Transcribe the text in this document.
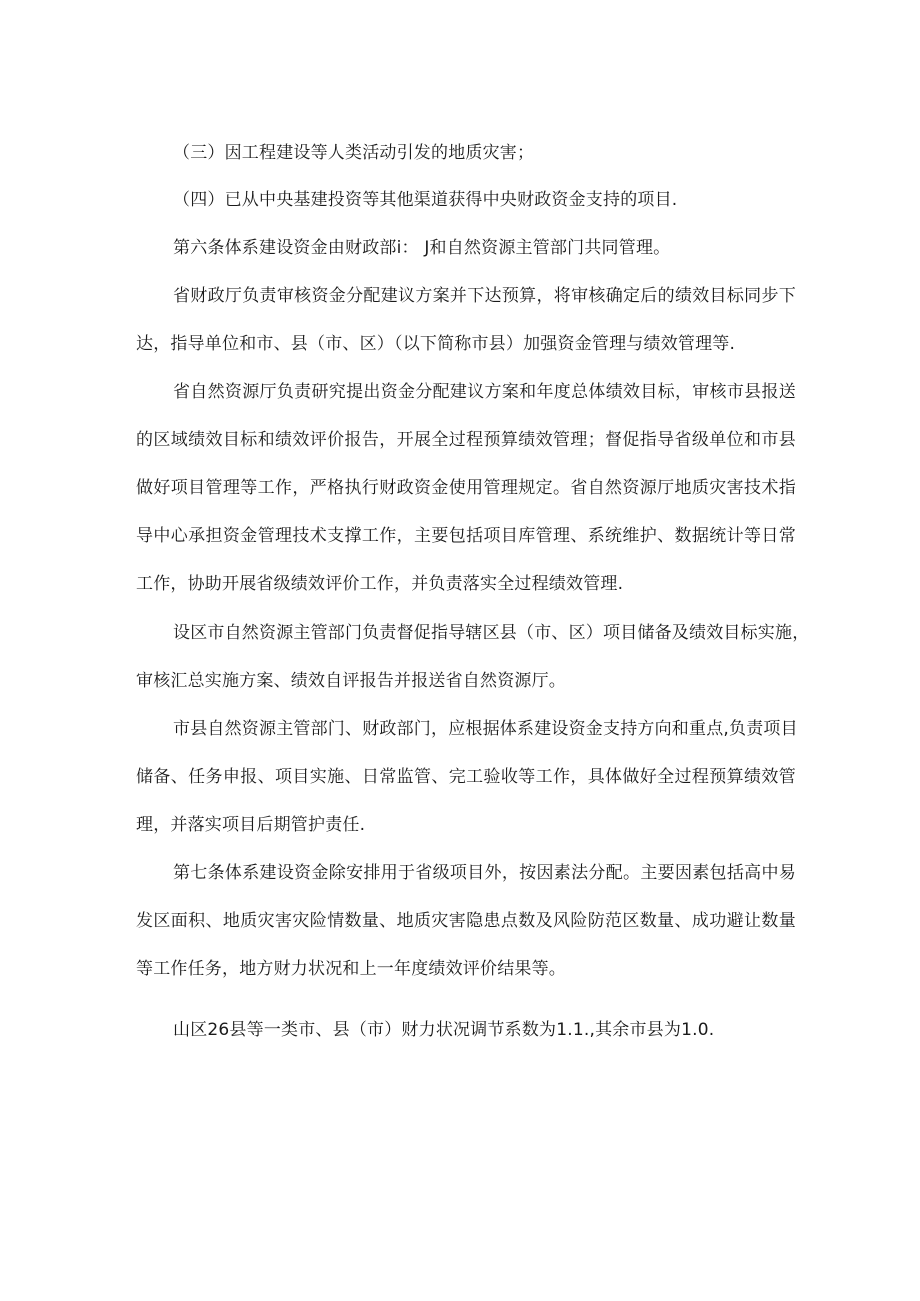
（三）因工程建设等人类活动引发的地质灾害；
（四）已从中央基建投资等其他渠道获得中央财政资金支持的项目.
第六条体系建设资金由财政部i： J和自然资源主管部门共同管理。
省财政厅负责审核资金分配建议方案并下达预算，将审核确定后的绩效目标同步下
达，指导单位和市、县（市、区）（以下简称市县）加强资金管理与绩效管理等.
省自然资源厅负责研究提出资金分配建议方案和年度总体绩效目标，审核市县报送
的区域绩效目标和绩效评价报告，开展全过程预算绩效管理；督促指导省级单位和市县
做好项目管理等工作，严格执行财政资金使用管理规定。省自然资源厅地质灾害技术指
导中心承担资金管理技术支撑工作，主要包括项目库管理、系统维护、数据统计等日常
工作，协助开展省级绩效评价工作，并负责落实全过程绩效管理.
设区市自然资源主管部门负责督促指导辖区县（市、区）项目储备及绩效目标实施，
审核汇总实施方案、绩效自评报告并报送省自然资源厅。
市县自然资源主管部门、财政部门，应根据体系建设资金支持方向和重点,负责项目
储备、任务申报、项目实施、日常监管、完工验收等工作，具体做好全过程预算绩效管
理，并落实项目后期管护责任.
第七条体系建设资金除安排用于省级项目外，按因素法分配。主要因素包括高中易
发区面积、地质灾害灾险情数量、地质灾害隐患点数及风险防范区数量、成功避让数量
等工作任务，地方财力状况和上一年度绩效评价结果等。
山区26县等一类市、县（市）财力状况调节系数为1.1.,其余市县为1.0.
